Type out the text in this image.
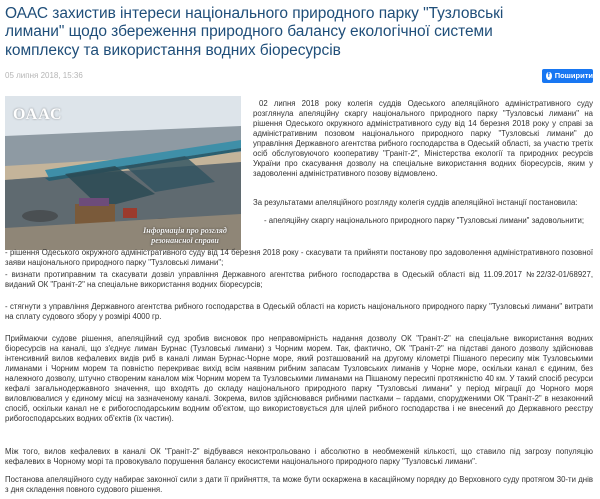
ОААС захистив інтереси національного природного парку "Тузловські лимани" щодо збереження природного балансу екологічної системи комплексу та використання водних біоресурсів
05 липня 2018, 15:36	f Поширити
ОААС
Інформація про розгляд резонансної справи

02 липня 2018 року колегія суддів Одеського апеляційного адміністративного суду розглянула апеляційну скаргу національного природного парку "Тузловські лимани" на рішення Одеського окружного адміністративного суду від 14 березня 2018 року у справі за адміністративним позовом національного природного парку "Тузловські лимани" до управління Державного агентства рибного господарства в Одеській області, за участю третіх осіб обслуговуючого кооперативу "Граніт-2", Міністерства екології та природних ресурсів України про скасування дозволу на спеціальне використання водних біоресурсів, яким у задоволенні адміністративного позову відмовлено.

За результатами апеляційного розгляду колегія суддів апеляційної інстанції постановила:

- апеляційну скаргу національного природного парку "Тузловські лимани" задовольнити;

- рішення Одеського окружного адміністративного суду від 14 березня 2018 року - скасувати та прийняти постанову про задоволення адміністративного позовної заяви національного природного парку "Тузловські лимани";

- визнати протиправним та скасувати дозвіл управління Державного агентства рибного господарства в Одеській області від 11.09.2017 №22/32-01/68927, виданий ОК "Граніт-2" на спеціальне використання водних біоресурсів;

- стягнути з управління Державного агентства рибного господарства в Одеській області на користь національного природного парку "Тузловські лимани" витрати на сплату судового збору у розмірі 4000 гр.

Приймаючи судове рішення, апеляційний суд зробив висновок про неправомірність надання дозволу ОК "Граніт-2" на спеціальне використання водних біоресурсів на каналі, що з'єднує лиман Бурнас (Тузловські лимани) з Чорним морем. Так, фактично, ОК "Граніт-2" на підставі даного дозволу здійснював інтенсивний вилов кефалевих видів риб в каналі лиман Бурнас-Чорне море, який розташований на другому кілометрі Пішаного пересипу між Тузловськими лиманами і Чорним морем та повністю перекриває вихід всім наявним рибним запасам Тузловських лиманів у Чорне море, оскільки канал є єдиним, без належного дозволу, штучно створеним каналом між Чорним морем та Тузловськими лиманами на Пішаному пересипі протяжністю 40 км. У такий спосіб ресурси кефалі загальнодержавного значення, що входять до складу національного природного парку "Тузловські лимани" у період міграції до Чорного моря виловлювалися у єдиному місці на зазначеному каналі. Зокрема, вилов здійснювався рибними пастками – гардами, спорудженими ОК "Граніт-2" в незаконний спосіб, оскільки канал не є рибогосподарським водним об'єктом, що використовується для цілей рибного господарства і не внесений до Державного реєстру рибогосподарських водних об'єктів (їх частин).

Між тогo, вилов кефалевих в каналі ОК "Граніт-2" відбувався неконтрольовано і абсолютно в необмеженій кількості, що ставило під загрозу популяцію кефалевих в Чорному морі та провокувало порушення балансу екосистеми національного природного парку "Тузловські лимани".

Постанова апеляційного суду набирає законної сили з дати її прийняття, та може бути оскаржена в касаційному порядку до Верховного суду протягом 30-ти днів з дня складення повного судового рішення.
